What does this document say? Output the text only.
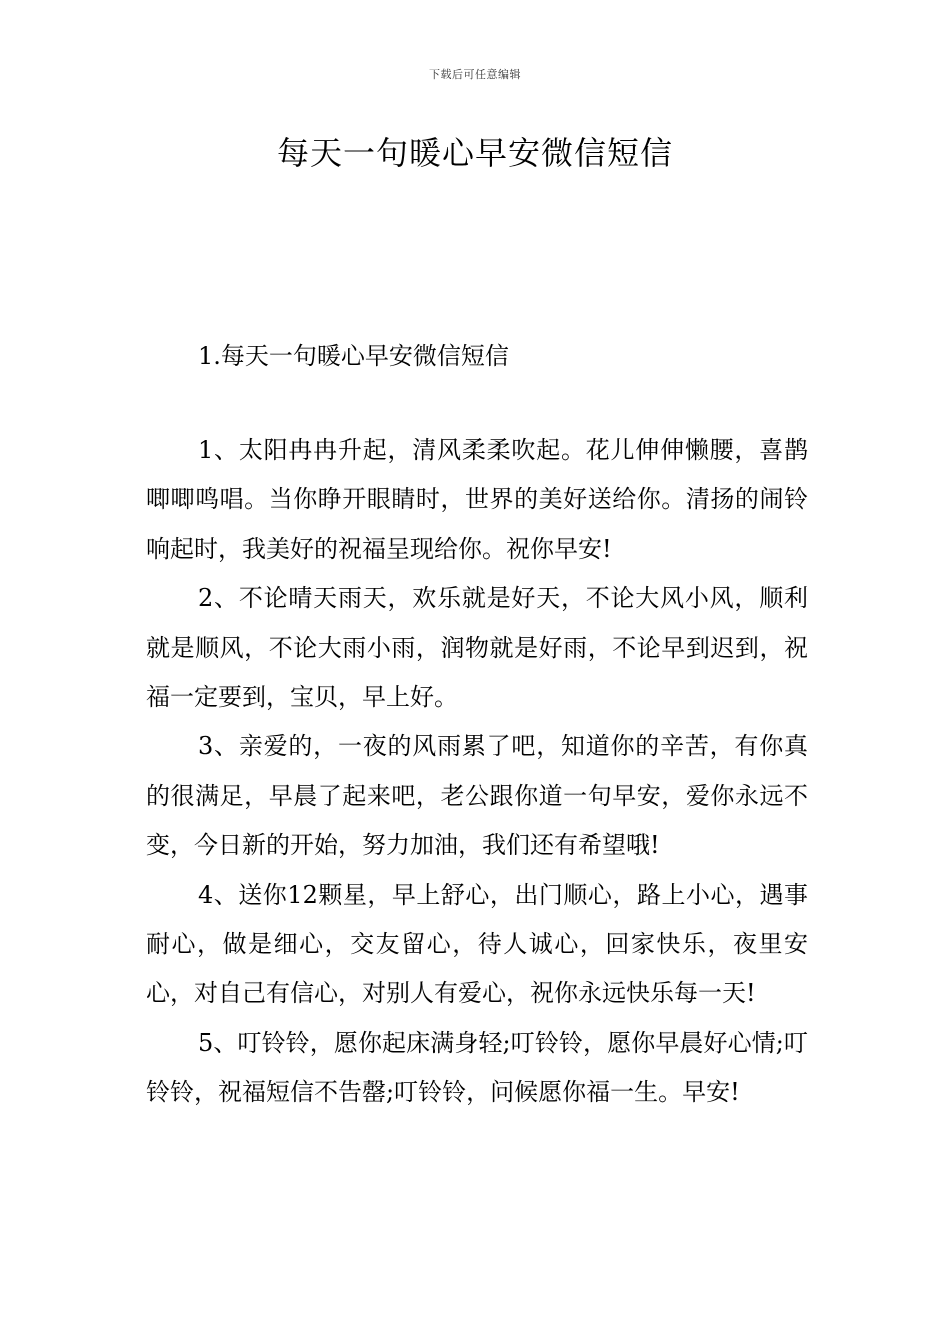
下载后可任意编辑
每天一句暖心早安微信短信
1.每天一句暖心早安微信短信

1、太阳冉冉升起，清风柔柔吹起。花儿伸伸懒腰，喜鹊唧唧鸣唱。当你睁开眼睛时，世界的美好送给你。清扬的闹铃响起时，我美好的祝福呈现给你。祝你早安!

2、不论晴天雨天，欢乐就是好天，不论大风小风，顺利就是顺风，不论大雨小雨，润物就是好雨，不论早到迟到，祝福一定要到，宝贝，早上好。

3、亲爱的，一夜的风雨累了吧，知道你的辛苦，有你真的很满足，早晨了起来吧，老公跟你道一句早安，爱你永远不变，今日新的开始，努力加油，我们还有希望哦!

4、送你12颗星，早上舒心，出门顺心，路上小心，遇事耐心，做是细心，交友留心，待人诚心，回家快乐，夜里安心，对自己有信心，对别人有爱心，祝你永远快乐每一天!

5、叮铃铃，愿你起床满身轻;叮铃铃，愿你早晨好心情;叮铃铃，祝福短信不告罄;叮铃铃，问候愿你福一生。早安!
